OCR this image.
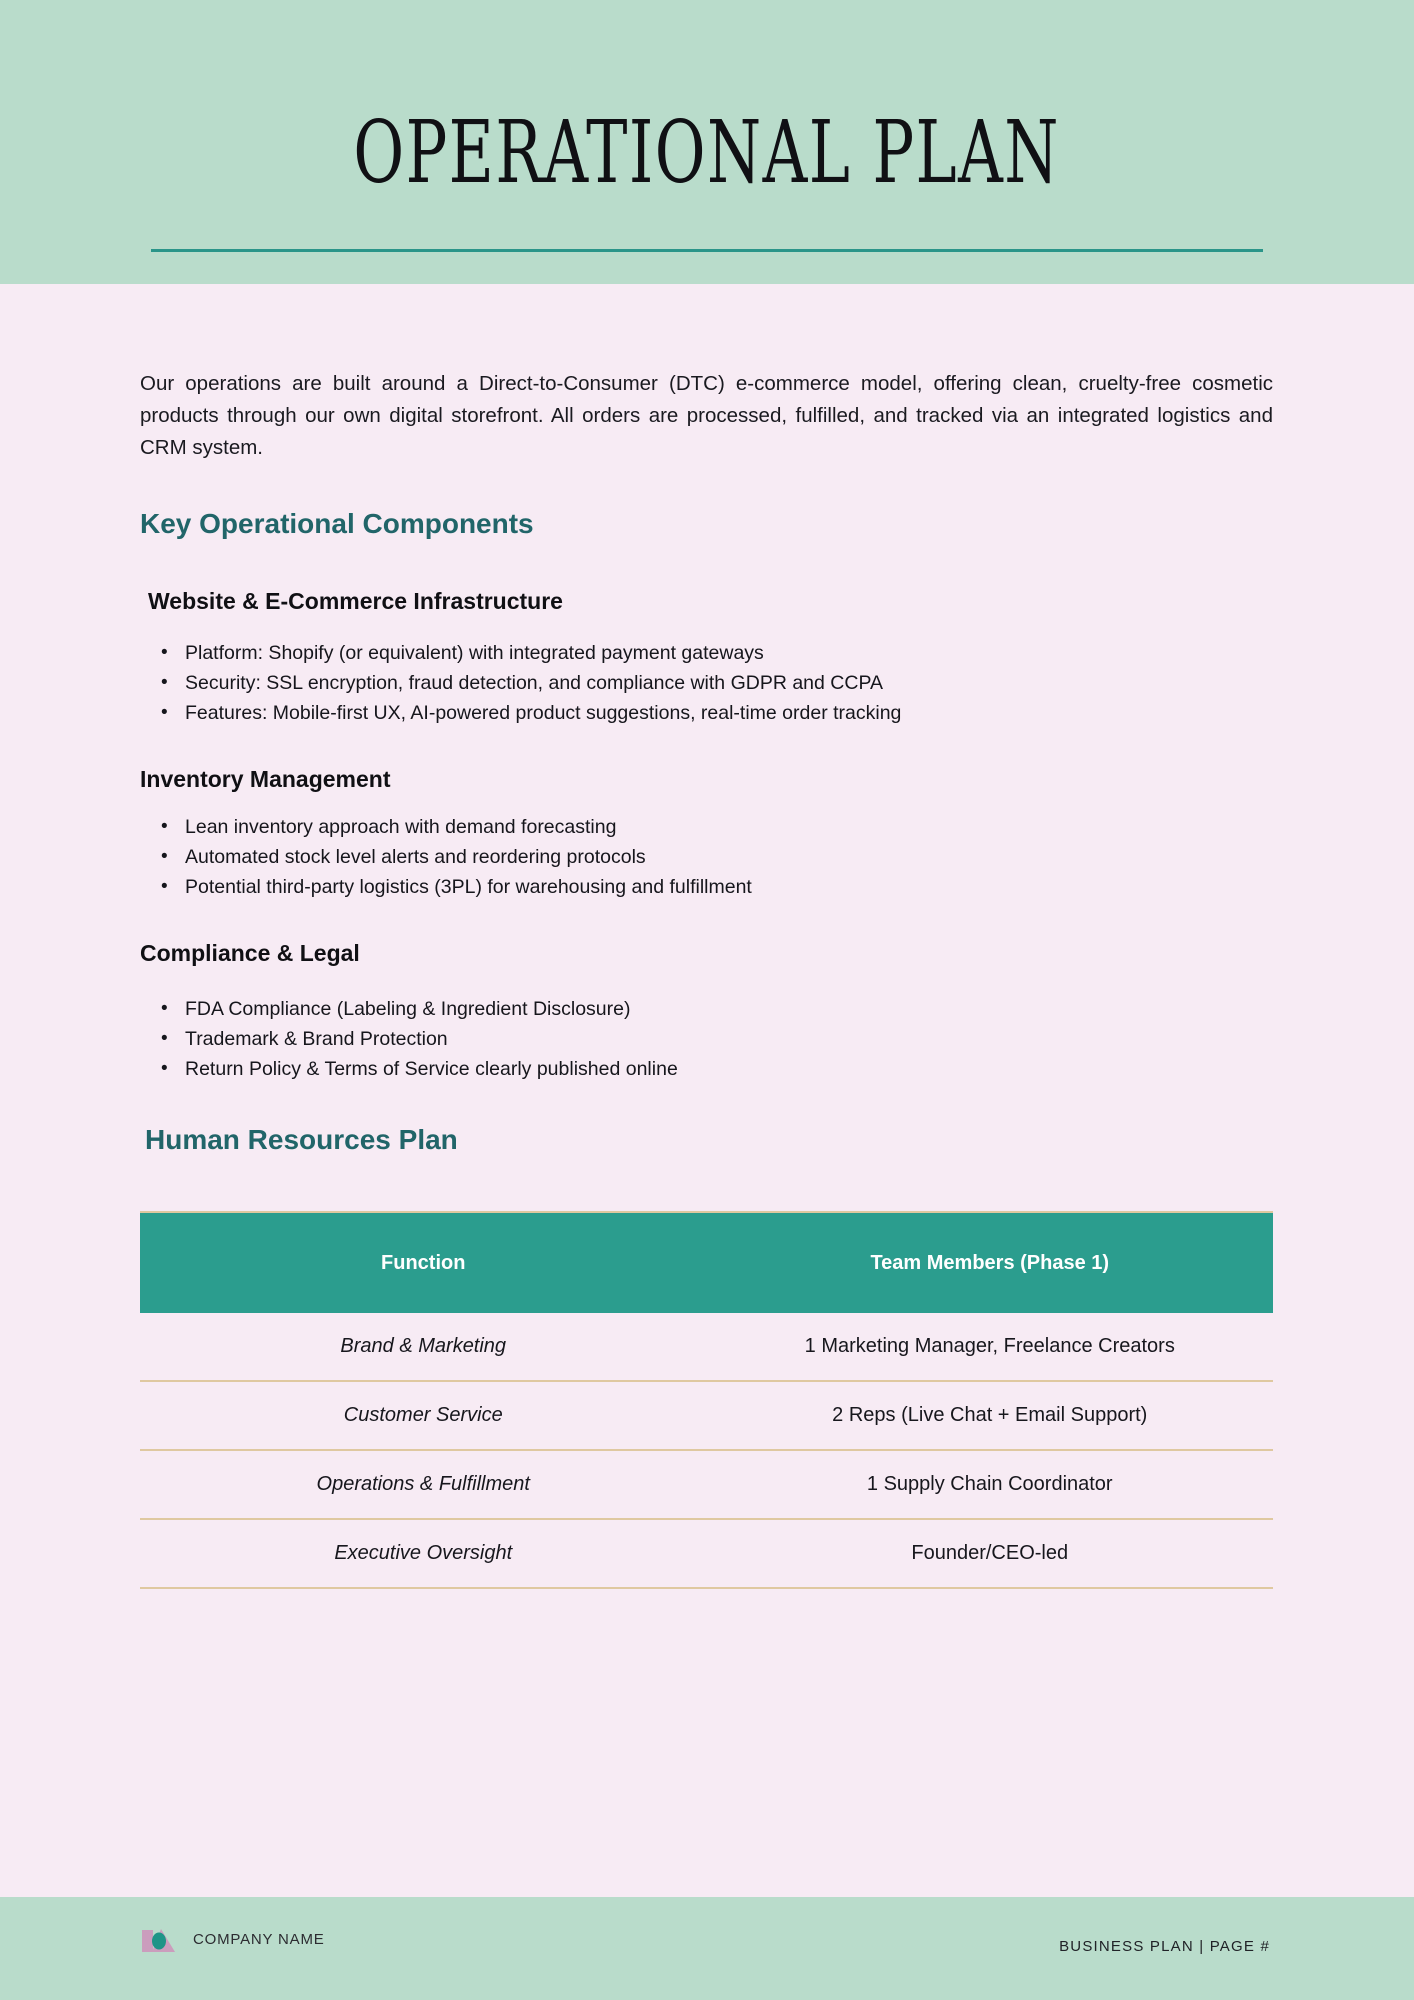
OPERATIONAL PLAN

Our operations are built around a Direct-to-Consumer (DTC) e-commerce model, offering clean, cruelty-free cosmetic products through our own digital storefront. All orders are processed, fulfilled, and tracked via an integrated logistics and CRM system.

Key Operational Components
Website & E-Commerce Infrastructure
• Platform: Shopify (or equivalent) with integrated payment gateways
• Security: SSL encryption, fraud detection, and compliance with GDPR and CCPA
• Features: Mobile-first UX, AI-powered product suggestions, real-time order tracking
Inventory Management
• Lean inventory approach with demand forecasting
• Automated stock level alerts and reordering protocols
• Potential third-party logistics (3PL) for warehousing and fulfillment
Compliance & Legal
• FDA Compliance (Labeling & Ingredient Disclosure)
• Trademark & Brand Protection
• Return Policy & Terms of Service clearly published online
Human Resources Plan
Function	Team Members (Phase 1)
Brand & Marketing	1 Marketing Manager, Freelance Creators
Customer Service	2 Reps (Live Chat + Email Support)
Operations & Fulfillment	1 Supply Chain Coordinator
Executive Oversight	Founder/CEO-led
COMPANY NAME	BUSINESS PLAN | PAGE #
